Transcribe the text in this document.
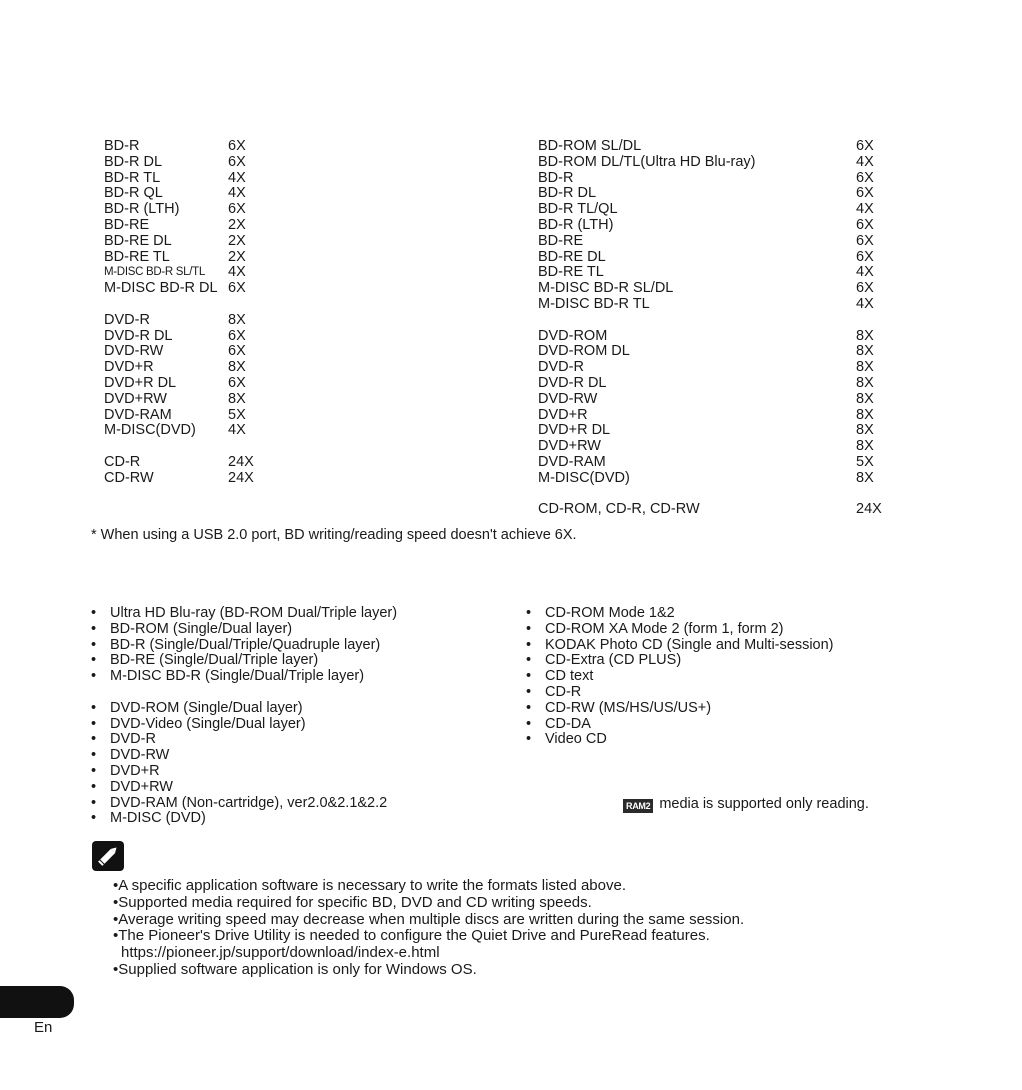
BD-R	6X
BD-R DL	6X
BD-R TL	4X
BD-R QL	4X
BD-R (LTH)	6X
BD-RE	2X
BD-RE DL	2X
BD-RE TL	2X
M-DISC BD-R SL/TL 4X
M-DISC BD-R DL 6X
DVD-R	8X
DVD-R DL	6X
DVD-RW	6X
DVD+R	8X
DVD+R DL	6X
DVD+RW	8X
DVD-RAM	5X
M-DISC(DVD) 4X
CD-R	24X
CD-RW	24X
BD-ROM SL/DL	6X
BD-ROM DL/TL(Ultra HD Blu-ray)	4X
BD-R	6X
BD-R DL	6X
BD-R TL/QL	4X
BD-R (LTH)	6X
BD-RE	6X
BD-RE DL	6X
BD-RE TL	4X
M-DISC BD-R SL/DL	6X
M-DISC BD-R TL	4X
DVD-ROM	8X
DVD-ROM DL	8X
DVD-R	8X
DVD-R DL	8X
DVD-RW	8X
DVD+R	8X
DVD+R DL	8X
DVD+RW	8X
DVD-RAM	5X
M-DISC(DVD)	8X
CD-ROM, CD-R, CD-RW	24X
* When using a USB 2.0 port, BD writing/reading speed doesn't achieve 6X.
• Ultra HD Blu-ray (BD-ROM Dual/Triple layer)
• BD-ROM (Single/Dual layer)
• BD-R (Single/Dual/Triple/Quadruple layer)
• BD-RE (Single/Dual/Triple layer)
• M-DISC BD-R (Single/Dual/Triple layer)
• DVD-ROM (Single/Dual layer)
• DVD-Video (Single/Dual layer)
• DVD-R
• DVD-RW
• DVD+R
• DVD+RW
• DVD-RAM (Non-cartridge), ver2.0&2.1&2.2
• M-DISC (DVD)
• CD-ROM Mode 1&2
• CD-ROM XA Mode 2 (form 1, form 2)
• KODAK Photo CD (Single and Multi-session)
• CD-Extra (CD PLUS)
• CD text
• CD-R
• CD-RW (MS/HS/US/US+)
• CD-DA
• Video CD
RAM2 media is supported only reading.
•A specific application software is necessary to write the formats listed above.
•Supported media required for specific BD, DVD and CD writing speeds.
•Average writing speed may decrease when multiple discs are written during the same session.
•The Pioneer's Drive Utility is needed to configure the Quiet Drive and PureRead features.
https://pioneer.jp/support/download/index-e.html
•Supplied software application is only for Windows OS.
En
